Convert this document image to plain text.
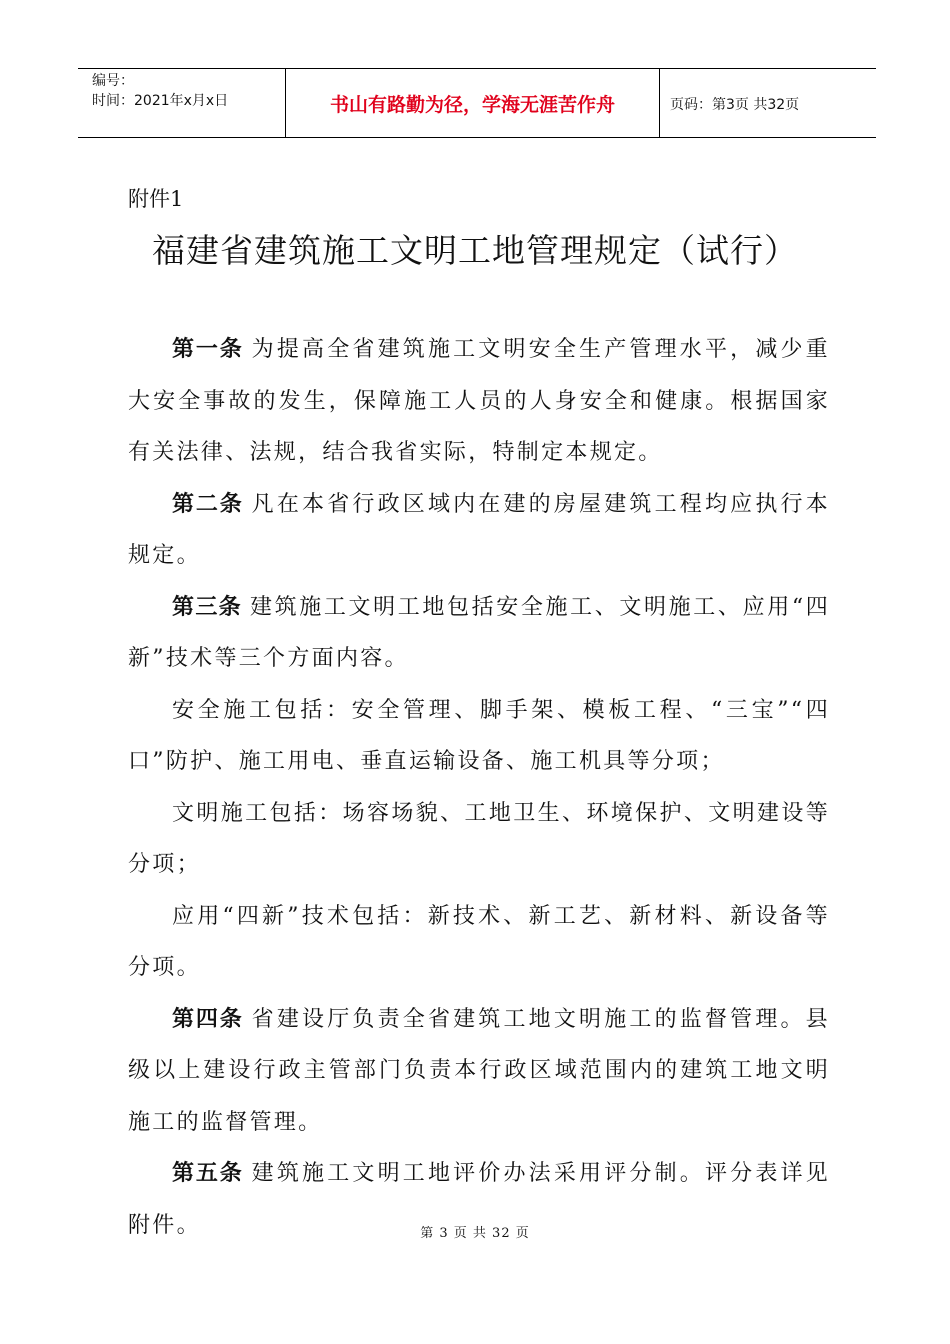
编号：
时间：2021年x月x日	书山有路勤为径，学海无涯苦作舟	页码：第3页 共32页
附件1
福建省建筑施工文明工地管理规定（试行）

第一条 为提高全省建筑施工文明安全生产管理水平，减少重大安全事故的发生，保障施工人员的人身安全和健康。根据国家有关法律、法规，结合我省实际，特制定本规定。

第二条 凡在本省行政区域内在建的房屋建筑工程均应执行本规定。

第三条 建筑施工文明工地包括安全施工、文明施工、应用“四新”技术等三个方面内容。

安全施工包括：安全管理、脚手架、模板工程、“三宝”“四口”防护、施工用电、垂直运输设备、施工机具等分项；

文明施工包括：场容场貌、工地卫生、环境保护、文明建设等分项；

应用“四新”技术包括：新技术、新工艺、新材料、新设备等分项。

第四条 省建设厅负责全省建筑工地文明施工的监督管理。县级以上建设行政主管部门负责本行政区域范围内的建筑工地文明施工的监督管理。

第五条 建筑施工文明工地评价办法采用评分制。评分表详见附件。	第 3 页 共 32 页
